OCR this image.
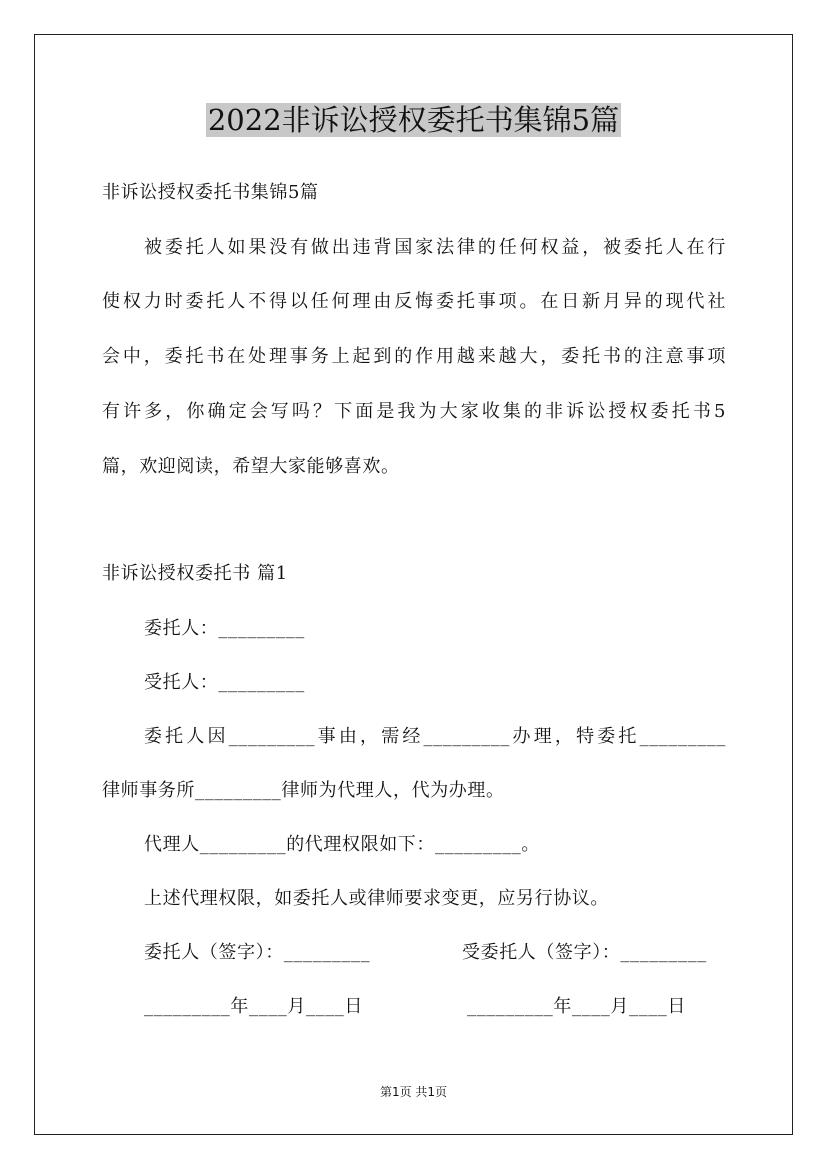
2022非诉讼授权委托书集锦5篇
非诉讼授权委托书集锦5篇
被委托人如果没有做出违背国家法律的任何权益，被委托人在行
使权力时委托人不得以任何理由反悔委托事项。在日新月异的现代社
会中，委托书在处理事务上起到的作用越来越大，委托书的注意事项
有许多，你确定会写吗？下面是我为大家收集的非诉讼授权委托书5
篇，欢迎阅读，希望大家能够喜欢。
非诉讼授权委托书 篇1
委托人：_________
受托人：_________
委托人因_________事由，需经_________办理，特委托_________
律师事务所_________律师为代理人，代为办理。
代理人_________的代理权限如下：_________。
上述代理权限，如委托人或律师要求变更，应另行协议。
委托人（签字）：_________	受委托人（签字）：_________
_________年____月____日	_________年____月____日
第1页 共1页
